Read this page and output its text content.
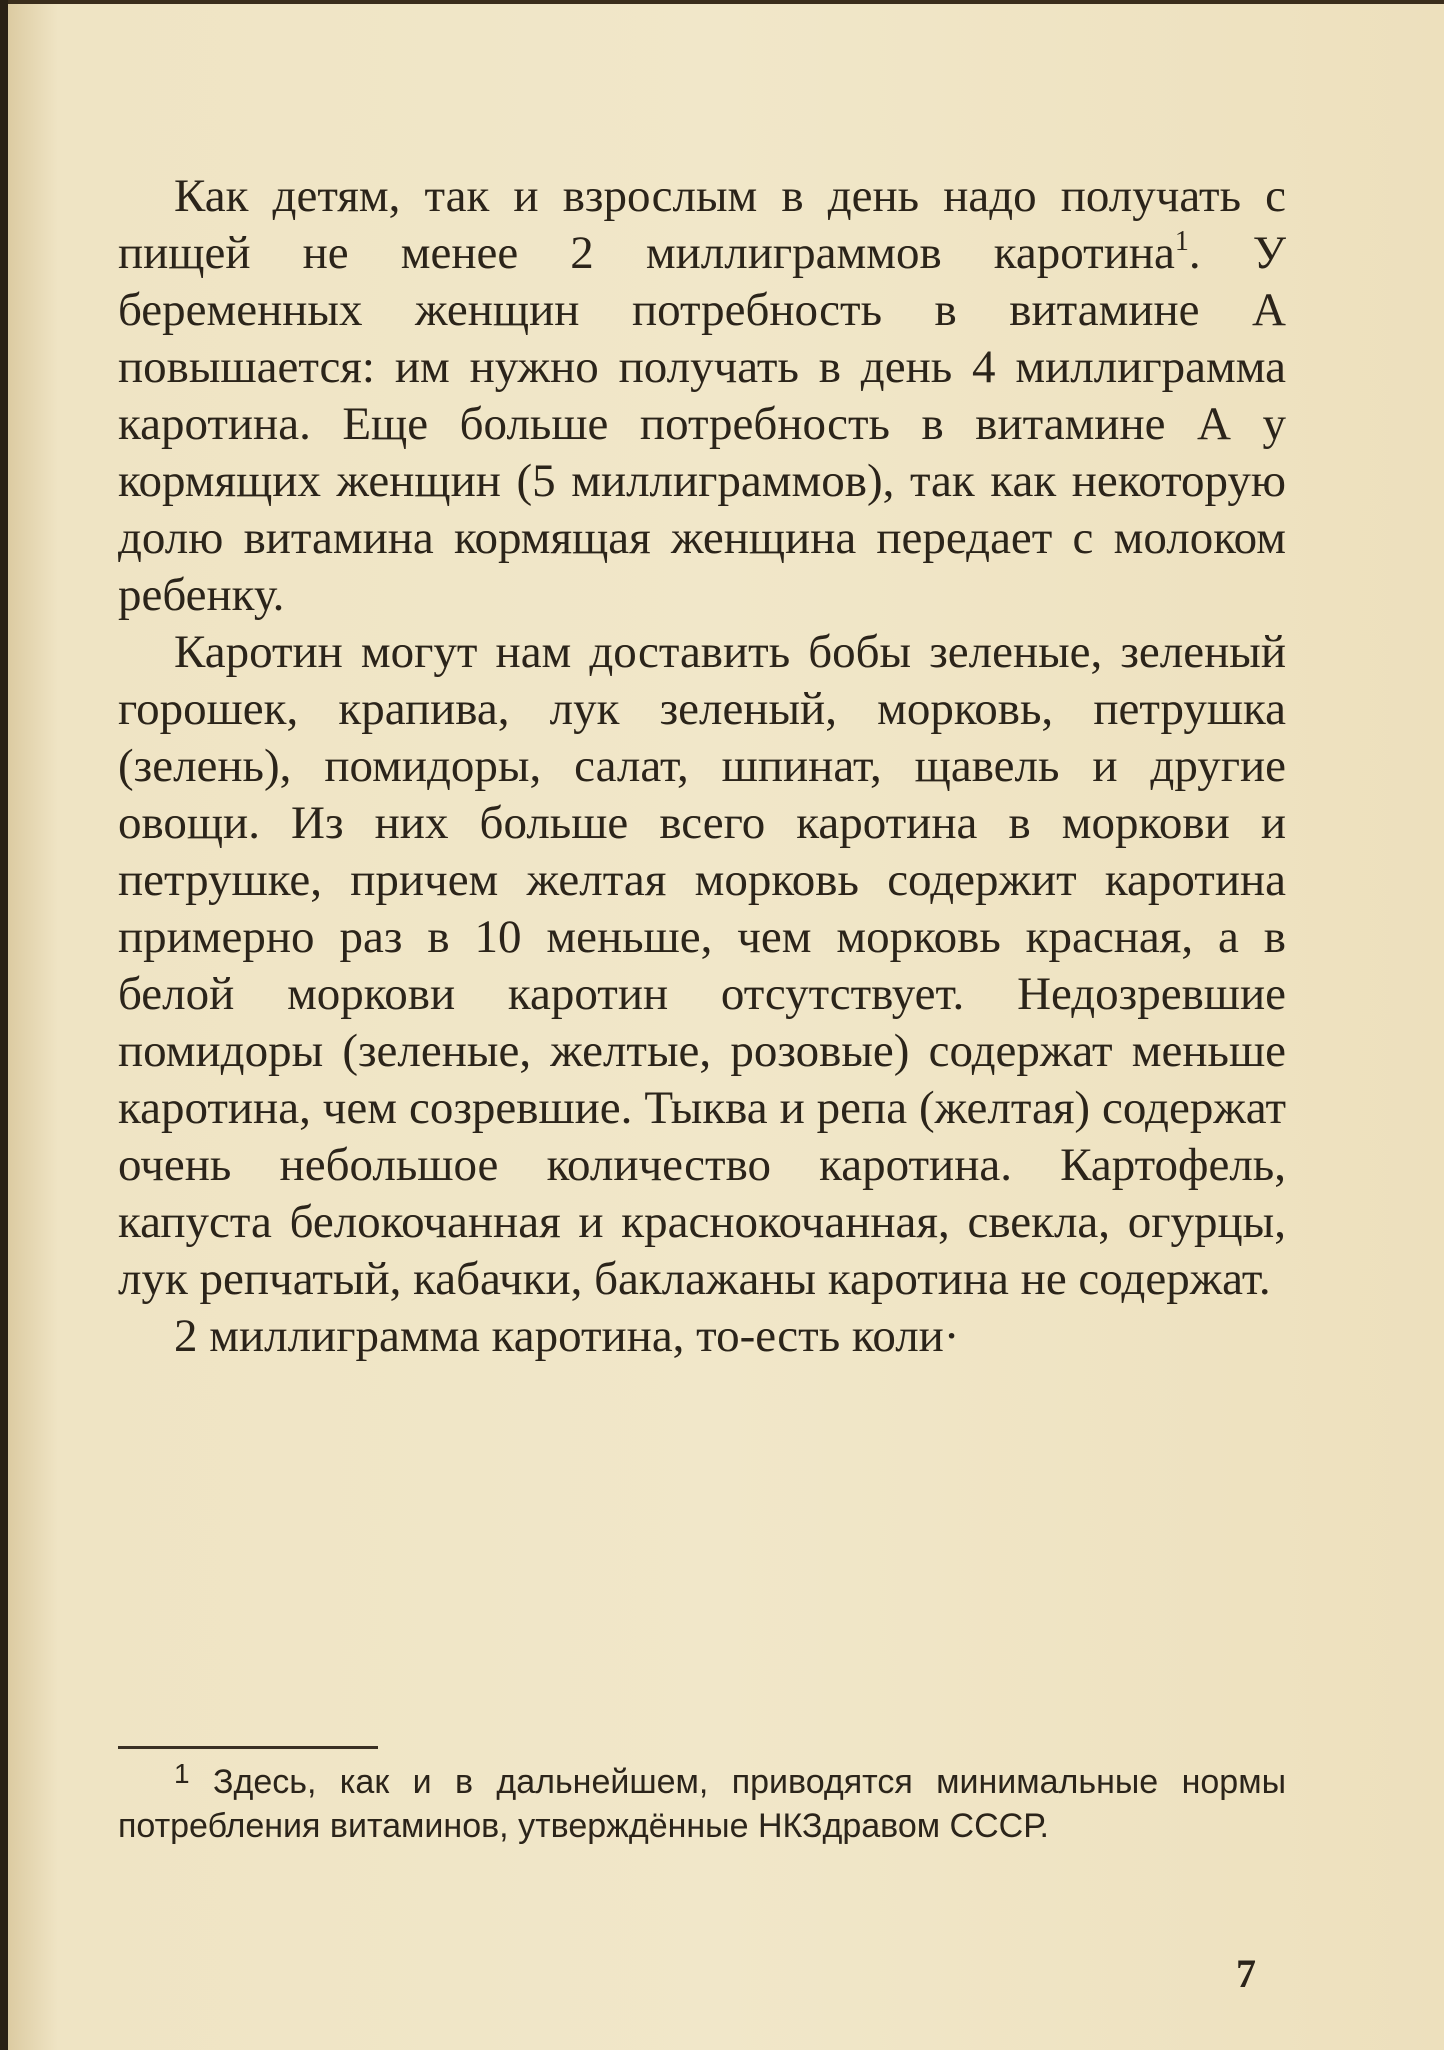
Как детям, так и взрослым в день надо получать с пищей не менее 2 миллиграммов каротина$^1$. У беременных женщин потребность в витамине А повышается: им нужно получать в день 4 миллиграмма каротина. Еще больше потребность в витамине А у кормящих женщин (5 миллиграммов), так как некоторую долю витамина кормящая женщина передает с молоком ребенку.

Каротин могут нам доставить бобы зеленые, зеленый горошек, крапива, лук зеленый, морковь, петрушка (зелень), помидоры, салат, шпинат, щавель и другие овощи. Из них больше всего каротина в моркови и петрушке, причем желтая морковь содержит каротина примерно раз в 10 меньше, чем морковь красная, а в белой моркови каротин отсутствует. Недозревшие помидоры (зеленые, желтые, розовые) содержат меньше каротина, чем созревшие. Тыква и репа (желтая) содержат очень небольшое количество каротина. Картофель, капуста белокочанная и краснокочанная, свекла, огурцы, лук репчатый, кабачки, баклажаны каротина не содержат.

2 миллиграмма каротина, то-есть коли·

$^1$ Здесь, как и в дальнейшем, приводятся минимальные нормы потребления витаминов, утверждённые НКЗдравом СССР.
7
